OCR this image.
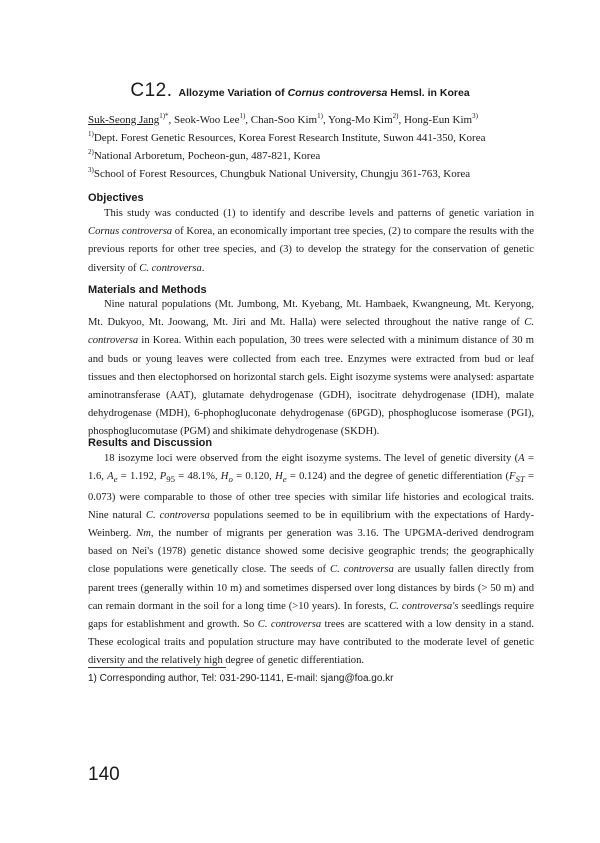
C12. Allozyme Variation of Cornus controversa Hemsl. in Korea
Suk-Seong Jang$^{1)*}$, Seok-Woo Lee$^{1)}$, Chan-Soo Kim$^{1)}$, Yong-Mo Kim$^{2)}$, Hong-Eun Kim$^{3)}$
$^{1)}$Dept. Forest Genetic Resources, Korea Forest Research Institute, Suwon 441-350, Korea
$^{2)}$National Arboretum, Pocheon-gun, 487-821, Korea
$^{3)}$School of Forest Resources, Chungbuk National University, Chungju 361-763, Korea
Objectives
This study was conducted (1) to identify and describe levels and patterns of genetic variation in Cornus controversa of Korea, an economically important tree species, (2) to compare the results with the previous reports for other tree species, and (3) to develop the strategy for the conservation of genetic diversity of C. controversa.
Materials and Methods
Nine natural populations (Mt. Jumbong, Mt. Kyebang, Mt. Hambaek, Kwangneung, Mt. Keryong, Mt. Dukyoo, Mt. Joowang, Mt. Jiri and Mt. Halla) were selected throughout the native range of C. controversa in Korea. Within each population, 30 trees were selected with a minimum distance of 30 m and buds or young leaves were collected from each tree. Enzymes were extracted from bud or leaf tissues and then electophorsed on horizontal starch gels. Eight isozyme systems were analysed: aspartate aminotransferase (AAT), glutamate dehydrogenase (GDH), isocitrate dehydrogenase (IDH), malate dehydrogenase (MDH), 6-phophogluconate dehydrogenase (6PGD), phosphoglucose isomerase (PGI), phosphoglucomutase (PGM) and shikimate dehydrogenase (SKDH).
Results and Discussion
18 isozyme loci were observed from the eight isozyme systems. The level of genetic diversity (A = 1.6, $A_e = 1.192$, $P_{95} = 48.1\%$, $H_o = 0.120$, $H_e = 0.124$) and the degree of genetic differentiation $(F_{ST} = 0.073)$ were comparable to those of other tree species with similar life histories and ecological traits. Nine natural C. controversa populations seemed to be in equilibrium with the expectations of Hardy-Weinberg. Nm, the number of migrants per generation was 3.16. The UPGMA-derived dendrogram based on Nei's (1978) genetic distance showed some decisive geographic trends; the geographically close populations were genetically close. The seeds of C. controversa are usually fallen directly from parent trees (generally within 10 m) and sometimes dispersed over long distances by birds (> 50 m) and can remain dormant in the soil for a long time (>10 years). In forests, C. controversa's seedlings require gaps for establishment and growth. So C. controversa trees are scattered with a low density in a stand. These ecological traits and population structure may have contributed to the moderate level of genetic diversity and the relatively high degree of genetic differentiation.
1) Corresponding author, Tel: 031-290-1141, E-mail: sjang@foa.go.kr
140
